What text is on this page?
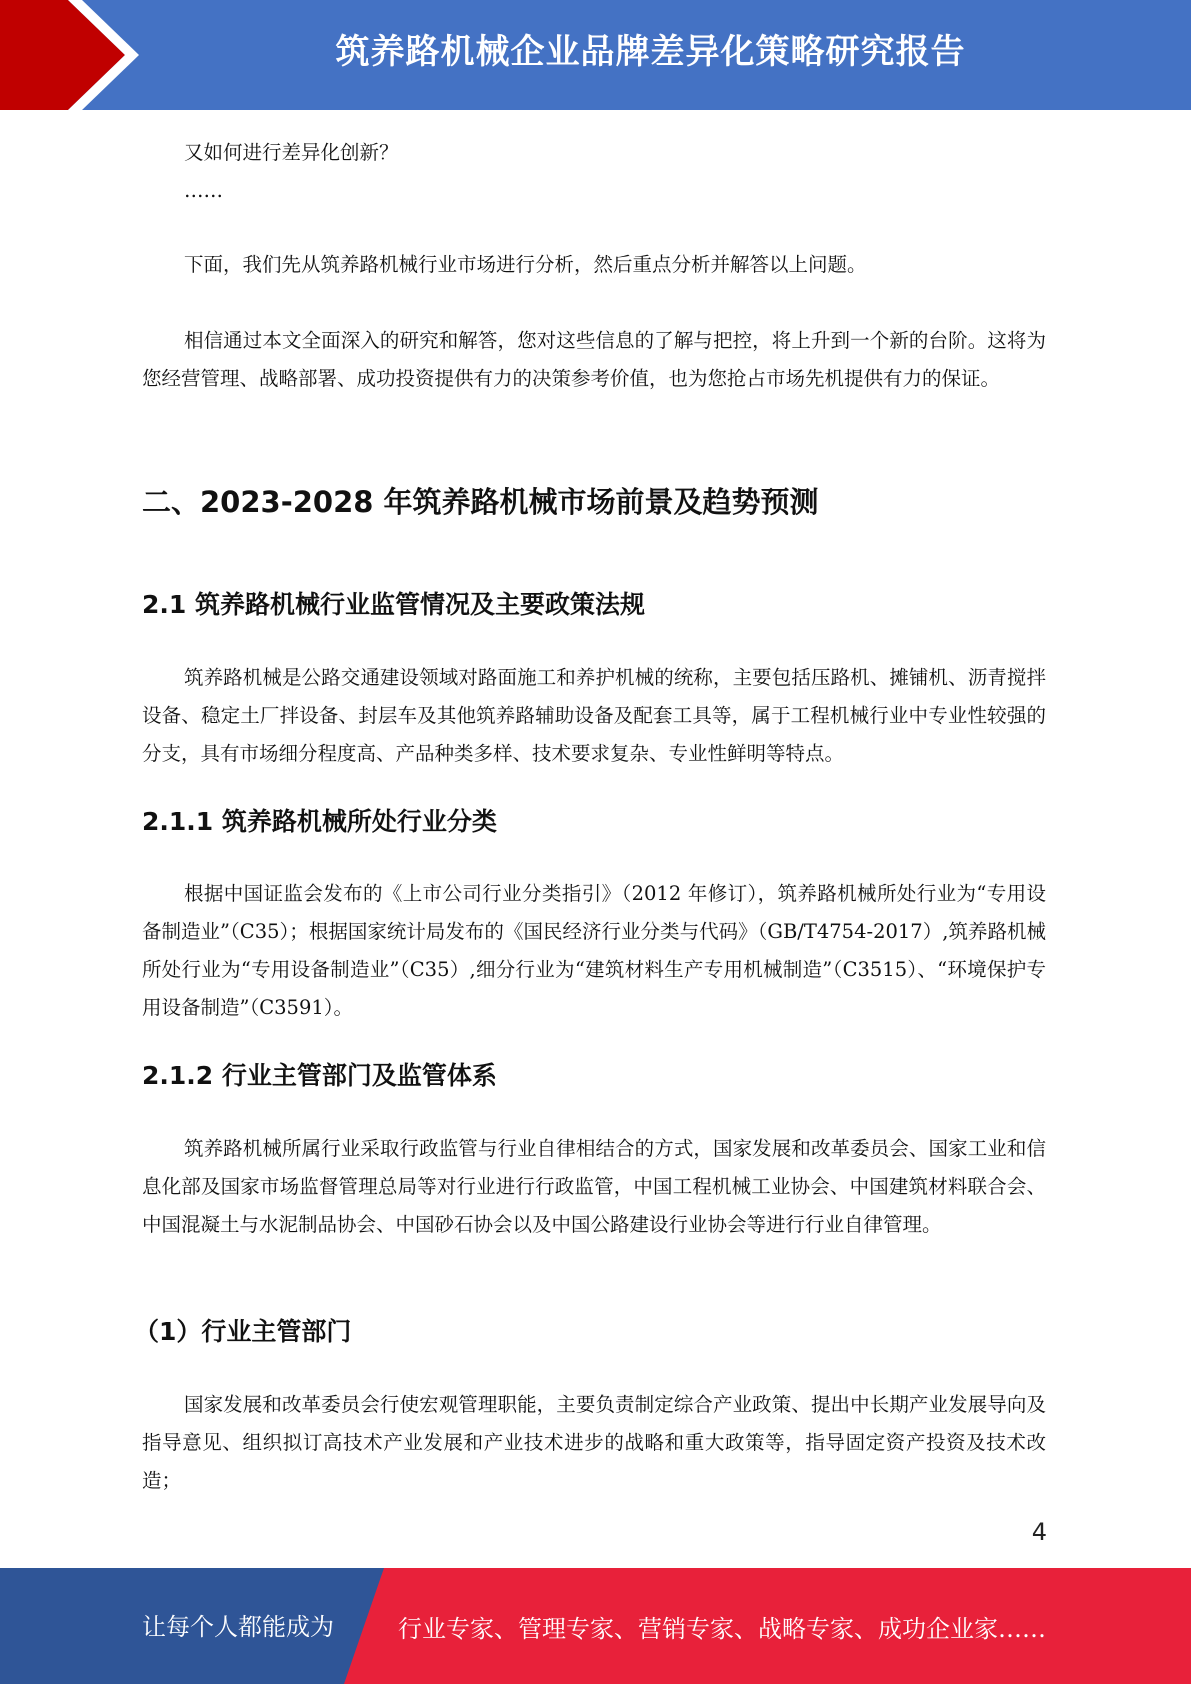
筑养路机械企业品牌差异化策略研究报告
又如何进行差异化创新？
……
下面，我们先从筑养路机械行业市场进行分析，然后重点分析并解答以上问题。
相信通过本文全面深入的研究和解答，您对这些信息的了解与把控，将上升到一个新的台阶。这将为您经营管理、战略部署、成功投资提供有力的决策参考价值，也为您抢占市场先机提供有力的保证。
二、2023-2028 年筑养路机械市场前景及趋势预测
2.1 筑养路机械行业监管情况及主要政策法规
筑养路机械是公路交通建设领域对路面施工和养护机械的统称，主要包括压路机、摊铺机、沥青搅拌设备、稳定土厂拌设备、封层车及其他筑养路辅助设备及配套工具等，属于工程机械行业中专业性较强的分支，具有市场细分程度高、产品种类多样、技术要求复杂、专业性鲜明等特点。
2.1.1 筑养路机械所处行业分类
根据中国证监会发布的《上市公司行业分类指引》（2012 年修订），筑养路机械所处行业为“专用设备制造业”（C35）；根据国家统计局发布的《国民经济行业分类与代码》（GB/T4754-2017）,筑养路机械所处行业为“专用设备制造业”（C35）,细分行业为“建筑材料生产专用机械制造”（C3515）、“环境保护专用设备制造”（C3591）。
2.1.2 行业主管部门及监管体系
筑养路机械所属行业采取行政监管与行业自律相结合的方式，国家发展和改革委员会、国家工业和信息化部及国家市场监督管理总局等对行业进行行政监管，中国工程机械工业协会、中国建筑材料联合会、中国混凝土与水泥制品协会、中国砂石协会以及中国公路建设行业协会等进行行业自律管理。
（1）行业主管部门
国家发展和改革委员会行使宏观管理职能，主要负责制定综合产业政策、提出中长期产业发展导向及指导意见、组织拟订高技术产业发展和产业技术进步的战略和重大政策等，指导固定资产投资及技术改造；
4
让每个人都能成为	行业专家、管理专家、营销专家、战略专家、成功企业家……
